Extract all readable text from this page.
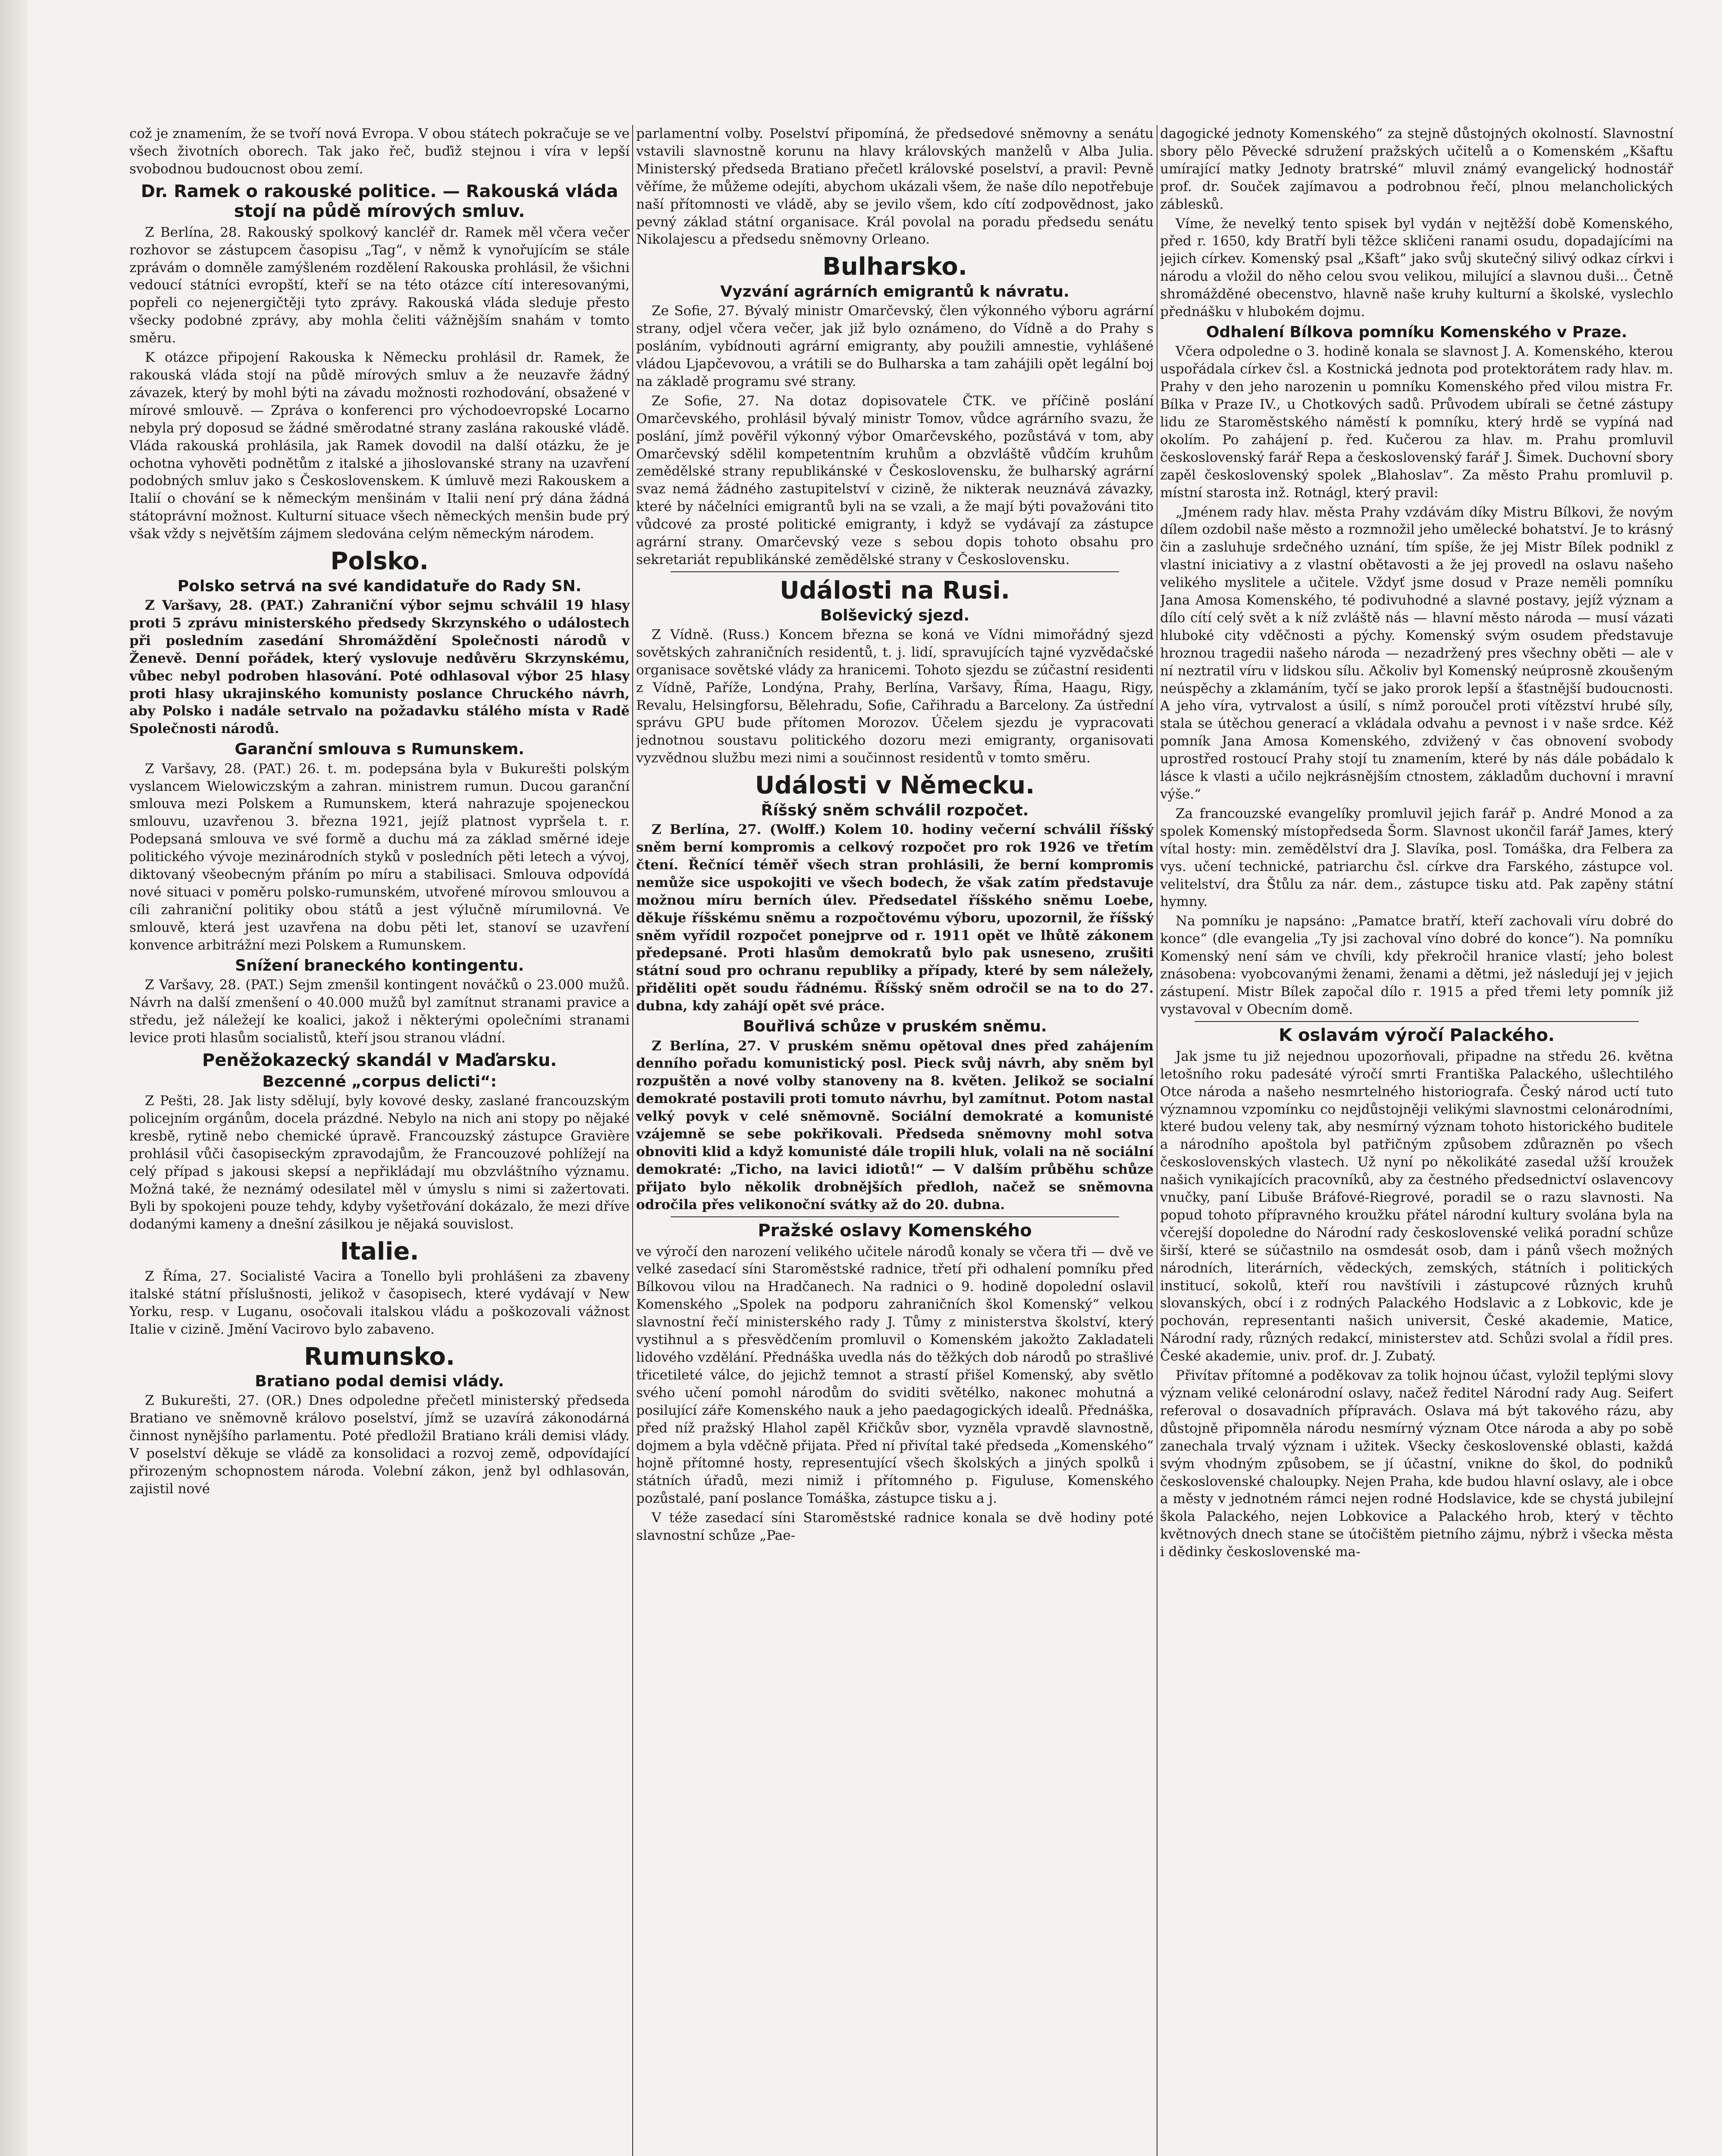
což je znamením, že se tvoří nová Evropa. V obou státech pokračuje se ve všech životních oborech. Tak jako řeč, buďiž stejnou i víra v lepší svobodnou budoucnost obou zemí.

Dr. Ramek o rakouské politice. — Rakouská vláda stojí na půdě mírových smluv.

Z Berlína, 28. Rakouský spolkový kancléř dr. Ramek měl včera večer rozhovor se zástupcem časopisu „Tag“, v němž k vynořujícím se stále zprávám o domněle zamýšleném rozdělení Rakouska prohlásil, že všichni vedoucí státníci evropští, kteří se na této otázce cítí interesovanými, popřeli co nejenergičtěji tyto zprávy. Rakouská vláda sleduje přesto všecky podobné zprávy, aby mohla čeliti vážnějším snahám v tomto směru.

K otázce připojení Rakouska k Německu prohlásil dr. Ramek, že rakouská vláda stojí na půdě mírových smluv a že neuzavře žádný závazek, který by mohl býti na závadu možnosti rozhodování, obsažené v mírové smlouvě. — Zpráva o konferenci pro východoevropské Locarno nebyla prý doposud se žádné směrodatné strany zaslána rakouské vládě. Vláda rakouská prohlásila, jak Ramek dovodil na další otázku, že je ochotna vyhověti podnětům z italské a jihoslovanské strany na uzavření podobných smluv jako s Československem. K úmluvě mezi Rakouskem a Italií o chování se k německým menšinám v Italii není prý dána žádná státoprávní možnost. Kulturní situace všech německých menšin bude prý však vždy s největším zájmem sledována celým německým národem.

Polsko.
Polsko setrvá na své kandidatuře do Rady SN.

Z Varšavy, 28. (PAT.) Zahraniční výbor sejmu schválil 19 hlasy proti 5 zprávu ministerského předsedy Skrzynského o událostech při posledním zasedání Shromáždění Společnosti národů v Ženevě. Denní pořádek, který vyslovuje nedůvěru Skrzynskému, vůbec nebyl podroben hlasování. Poté odhlasoval výbor 25 hlasy proti hlasy ukrajinského komunisty poslance Chruckého návrh, aby Polsko i nadále setrvalo na požadavku stálého místa v Radě Společnosti národů.

Garanční smlouva s Rumunskem.

Z Varšavy, 28. (PAT.) 26. t. m. podepsána byla v Bukurešti polským vyslancem Wielowiczským a zahran. ministrem rumun. Ducou garanční smlouva mezi Polskem a Rumunskem, která nahrazuje spojeneckou smlouvu, uzavřenou 3. března 1921, jejíž platnost vypršela t. r. Podepsaná smlouva ve své formě a duchu má za základ směrné ideje politického vývoje mezinárodních styků v posledních pěti letech a vývoj, diktovaný všeobecným přáním po míru a stabilisaci. Smlouva odpovídá nové situaci v poměru polsko-rumunském, utvořené mírovou smlouvou a cíli zahraniční politiky obou států a jest výlučně mírumilovná. Ve smlouvě, která jest uzavřena na dobu pěti let, stanoví se uzavření konvence arbitrážní mezi Polskem a Rumunskem.

Snížení braneckého kontingentu.

Z Varšavy, 28. (PAT.) Sejm zmenšil kontingent nováčků o 23.000 mužů. Návrh na další zmenšení o 40.000 mužů byl zamítnut stranami pravice a středu, jež náležejí ke koalici, jakož i některými opolečními stranami levice proti hlasům socialistů, kteří jsou stranou vládní.

Peněžokazecký skandál v Maďarsku.
Bezcenné „corpus delicti“:

Z Pešti, 28. Jak listy sdělují, byly kovové desky, zaslané francouzským policejním orgánům, docela prázdné. Nebylo na nich ani stopy po nějaké kresbě, rytině nebo chemické úpravě. Francouzský zástupce Gravière prohlásil vůči časopiseckým zpravodajům, že Francouzové pohlížejí na celý případ s jakousi skepsí a nepřikládají mu obzvláštního významu. Možná také, že neznámý odesilatel měl v úmyslu s nimi si zažertovati. Byli by spokojeni pouze tehdy, kdyby vyšetřování dokázalo, že mezi dříve dodanými kameny a dnešní zásilkou je nějaká souvislost.

Italie.

Z Říma, 27. Socialisté Vacira a Tonello byli prohlášeni za zbaveny italské státní příslušnosti, jelikož v časopisech, které vydávají v New Yorku, resp. v Luganu, osočovali italskou vládu a poškozovali vážnost Italie v cizině. Jmění Vacirovo bylo zabaveno.

Rumunsko.
Bratiano podal demisi vlády.

Z Bukurešti, 27. (OR.) Dnes odpoledne přečetl ministerský předseda Bratiano ve sněmovně královo poselství, jímž se uzavírá zákonodárná činnost nynějšího parlamentu. Poté předložil Bratiano králi demisi vlády. V poselství děkuje se vládě za konsolidaci a rozvoj země, odpovídající přirozeným schopnostem národa. Volební zákon, jenž byl odhlasován, zajistil nové

parlamentní volby. Poselství připomíná, že předsedové sněmovny a senátu vstavili slavnostně korunu na hlavy královských manželů v Alba Julia. Ministerský předseda Bratiano přečetl královské poselství, a pravil: Pevně věříme, že můžeme odejíti, abychom ukázali všem, že naše dílo nepotřebuje naší přítomnosti ve vládě, aby se jevilo všem, kdo cítí zodpovědnost, jako pevný základ státní organisace. Král povolal na poradu předsedu senátu Nikolajescu a předsedu sněmovny Orleano.

Bulharsko.
Vyzvání agrárních emigrantů k návratu.

Ze Sofie, 27. Bývalý ministr Omarčevský, člen výkonného výboru agrární strany, odjel včera večer, jak již bylo oznámeno, do Vídně a do Prahy s posláním, vybídnouti agrární emigranty, aby použili amnestie, vyhlášené vládou Ljapčevovou, a vrátili se do Bulharska a tam zahájili opět legální boj na základě programu své strany.

Ze Sofie, 27. Na dotaz dopisovatele ČTK. ve příčině poslání Omarčevského, prohlásil bývalý ministr Tomov, vůdce agrárního svazu, že poslání, jímž pověřil výkonný výbor Omarčevského, pozůstává v tom, aby Omarčevský sdělil kompetentním kruhům a obzvláště vůdčím kruhům zemědělské strany republikánské v Československu, že bulharský agrární svaz nemá žádného zastupitelství v cizině, že nikterak neuznává závazky, které by náčelníci emigrantů byli na se vzali, a že mají býti považováni tito vůdcové za prosté politické emigranty, i když se vydávají za zástupce agrární strany. Omarčevský veze s sebou dopis tohoto obsahu pro sekretariát republikánské zemědělské strany v Československu.

Události na Rusi.
Bolševický sjezd.

Z Vídně. (Russ.) Koncem března se koná ve Vídni mimořádný sjezd sovětských zahraničních residentů, t. j. lidí, spravujících tajné vyzvědačské organisace sovětské vlády za hranicemi. Tohoto sjezdu se zúčastní residenti z Vídně, Paříže, Londýna, Prahy, Berlína, Varšavy, Říma, Haagu, Rigy, Revalu, Helsingforsu, Bělehradu, Sofie, Cařihradu a Barcelony. Za ústřední správu GPU bude přítomen Morozov. Účelem sjezdu je vypracovati jednotnou soustavu politického dozoru mezi emigranty, organisovati vyzvědnou službu mezi nimi a součinnost residentů v tomto směru.

Události v Německu.
Říšský sněm schválil rozpočet.

Z Berlína, 27. (Wolff.) Kolem 10. hodiny večerní schválil říšský sněm berní kompromis a celkový rozpočet pro rok 1926 ve třetím čtení. Řečnící téměř všech stran prohlásili, že berní kompromis nemůže sice uspokojiti ve všech bodech, že však zatím představuje možnou míru berních úlev. Předsedatel říšského sněmu Loebe, děkuje říšskému sněmu a rozpočtovému výboru, upozornil, že říšský sněm vyřídil rozpočet ponejprve od r. 1911 opět ve lhůtě zákonem předepsané. Proti hlasům demokratů bylo pak usneseno, zrušiti státní soud pro ochranu republiky a případy, které by sem náležely, přiděliti opět soudu řádnému. Říšský sněm odročil se na to do 27. dubna, kdy zahájí opět své práce.

Bouřlivá schůze v pruském sněmu.

Z Berlína, 27. V pruském sněmu opětoval dnes před zahájením denního pořadu komunistický posl. Pieck svůj návrh, aby sněm byl rozpuštěn a nové volby stanoveny na 8. květen. Jelikož se socialní demokraté postavili proti tomuto návrhu, byl zamítnut. Potom nastal velký povyk v celé sněmovně. Sociální demokraté a komunisté vzájemně se sebe pokřikovali. Předseda sněmovny mohl sotva obnoviti klid a když komunisté dále tropili hluk, volali na ně sociální demokraté: „Ticho, na lavici idiotů!“ — V dalším průběhu schůze přijato bylo několik drobnějších předloh, načež se sněmovna odročila přes velikonoční svátky až do 20. dubna.

Pražské oslavy Komenského

ve výročí den narození velikého učitele národů konaly se včera tři — dvě ve velké zasedací síni Staroměstské radnice, třetí při odhalení pomníku před Bílkovou vilou na Hradčanech. Na radnici o 9. hodině dopolední oslavil Komenského „Spolek na podporu zahraničních škol Komenský“ velkou slavnostní řečí ministerského rady J. Tůmy z ministerstva školství, který vystihnul a s přesvědčením promluvil o Komenském jakožto Zakladateli lidového vzdělání. Přednáška uvedla nás do těžkých dob národů po strašlivé třicetileté válce, do jejichž temnot a strastí přišel Komenský, aby světlo svého učení pomohl národům do sviditi světélko, nakonec mohutná a posilující záře Komenského nauk a jeho paedagogických idealů. Přednáška, před níž pražský Hlahol zapěl Křičkův sbor, vyzněla vpravdě slavnostně, dojmem a byla vděčně přijata. Před ní přivítal také předseda „Komenského“ hojně přítomné hosty, representující všech školských a jiných spolků i státních úřadů, mezi nimiž i přítomného p. Figuluse, Komenského pozůstalé, paní poslance Tomáška, zástupce tisku a j.

V téže zasedací síni Staroměstské radnice konala se dvě hodiny poté slavnostní schůze „Pae-

dagogické jednoty Komenského“ za stejně důstojných okolností. Slavnostní sbory pělo Pěvecké sdružení pražských učitelů a o Komenském „Kšaftu umírající matky Jednoty bratrské“ mluvil známý evangelický hodnostář prof. dr. Souček zajímavou a podrobnou řečí, plnou melancholických záblesků.

Víme, že nevelký tento spisek byl vydán v nejtěžší době Komenského, před r. 1650, kdy Bratří byli těžce skličeni ranami osudu, dopadajícími na jejich církev. Komenský psal „Kšaft“ jako svůj skutečný silivý odkaz církvi i národu a vložil do něho celou svou velikou, milující a slavnou duši... Četně shromážděné obecenstvo, hlavně naše kruhy kulturní a školské, vyslechlo přednášku v hlubokém dojmu.

Odhalení Bílkova pomníku Komenského v Praze.

Včera odpoledne o 3. hodině konala se slavnost J. A. Komenského, kterou uspořádala církev čsl. a Kostnická jednota pod protektorátem rady hlav. m. Prahy v den jeho narozenin u pomníku Komenského před vilou mistra Fr. Bílka v Praze IV., u Chotkových sadů. Průvodem ubírali se četné zástupy lidu ze Staroměstského náměstí k pomníku, který hrdě se vypíná nad okolím. Po zahájení p. řed. Kučerou za hlav. m. Prahu promluvil československý farář Repa a československý farář J. Šimek. Duchovní sbory zapěl československý spolek „Blahoslav“. Za město Prahu promluvil p. místní starosta inž. Rotnágl, který pravil:

„Jménem rady hlav. města Prahy vzdávám díky Mistru Bílkovi, že novým dílem ozdobil naše město a rozmnožil jeho umělecké bohatství. Je to krásný čin a zasluhuje srdečného uznání, tím spíše, že jej Mistr Bílek podnikl z vlastní iniciativy a z vlastní obětavosti a že jej provedl na oslavu našeho velikého myslitele a učitele. Vždyť jsme dosud v Praze neměli pomníku Jana Amosa Komenského, té podivuhodné a slavné postavy, jejíž význam a dílo cítí celý svět a k níž zvláště nás — hlavní město národa — musí vázati hluboké city vděčnosti a pýchy. Komenský svým osudem představuje hroznou tragedii našeho národa — nezadržený pres všechny oběti — ale v ní neztratil víru v lidskou sílu. Ačkoliv byl Komenský neúprosně zkoušeným neúspěchy a zklamáním, tyčí se jako prorok lepší a šťastnější budoucnosti. A jeho víra, vytrvalost a úsilí, s nímž poroučel proti vítězství hrubé síly, stala se útěchou generací a vkládala odvahu a pevnost i v naše srdce. Kéž pomník Jana Amosa Komenského, zdvižený v čas obnovení svobody uprostřed rostoucí Prahy stojí tu znamením, které by nás dále pobádalo k lásce k vlasti a učilo nejkrásnějším ctnostem, základům duchovní i mravní výše.“

Za francouzské evangelíky promluvil jejich farář p. André Monod a za spolek Komenský místopředseda Šorm. Slavnost ukončil farář James, který vítal hosty: min. zemědělství dra J. Slavíka, posl. Tomáška, dra Felbera za vys. učení technické, patriarchu čsl. církve dra Farského, zástupce vol. velitelství, dra Štůlu za nár. dem., zástupce tisku atd. Pak zapěny státní hymny.

Na pomníku je napsáno: „Pamatce bratří, kteří zachovali víru dobré do konce“ (dle evangelia „Ty jsi zachoval víno dobré do konce“). Na pomníku Komenský není sám ve chvíli, kdy překročil hranice vlastí; jeho bolest znásobena: vyobcovanými ženami, ženami a dětmi, jež následují jej v jejich zástupení. Mistr Bílek započal dílo r. 1915 a před třemi lety pomník již vystavoval v Obecním domě.

K oslavám výročí Palackého.

Jak jsme tu již nejednou upozorňovali, připadne na středu 26. května letošního roku padesáté výročí smrti Františka Palackého, ušlechtilého Otce národa a našeho nesmrtelného historiografa. Český národ uctí tuto významnou vzpomínku co nejdůstojněji velikými slavnostmi celonárodními, které budou veleny tak, aby nesmírný význam tohoto historického buditele a národního apoštola byl patřičným způsobem zdůrazněn po všech československých vlastech. Už nyní po několikáté zasedal užší kroužek našich vynikajících pracovníků, aby za čestného předsednictví oslavencovy vnučky, paní Libuše Bráfové-Riegrové, poradil se o razu slavnosti. Na popud tohoto přípravného kroužku přátel národní kultury svolána byla na včerejší dopoledne do Národní rady československé veliká poradní schůze širší, které se súčastnilo na osmdesát osob, dam i pánů všech možných národních, literárních, vědeckých, zemských, státních i politických institucí, sokolů, kteří rou navštívili i zástupcové různých kruhů slovanských, obcí i z rodných Palackého Hodslavic a z Lobkovic, kde je pochován, representanti našich universit, České akademie, Matice, Národní rady, různých redakcí, ministerstev atd. Schůzi svolal a řídil pres. České akademie, univ. prof. dr. J. Zubatý.

Přivítav přítomné a poděkovav za tolik hojnou účast, vyložil teplými slovy význam veliké celonárodní oslavy, načež ředitel Národní rady Aug. Seifert referoval o dosavadních přípravách. Oslava má být takového rázu, aby důstojně připomněla národu nesmírný význam Otce národa a aby po sobě zanechala trvalý význam i užitek. Všecky československé oblasti, každá svým vhodným způsobem, se jí účastní, vnikne do škol, do podniků československé chaloupky. Nejen Praha, kde budou hlavní oslavy, ale i obce a městy v jednotném rámci nejen rodné Hodslavice, kde se chystá jubilejní škola Palackého, nejen Lobkovice a Palackého hrob, který v těchto květnových dnech stane se útočištěm pietního zájmu, nýbrž i všecka města i dědinky československé ma-
